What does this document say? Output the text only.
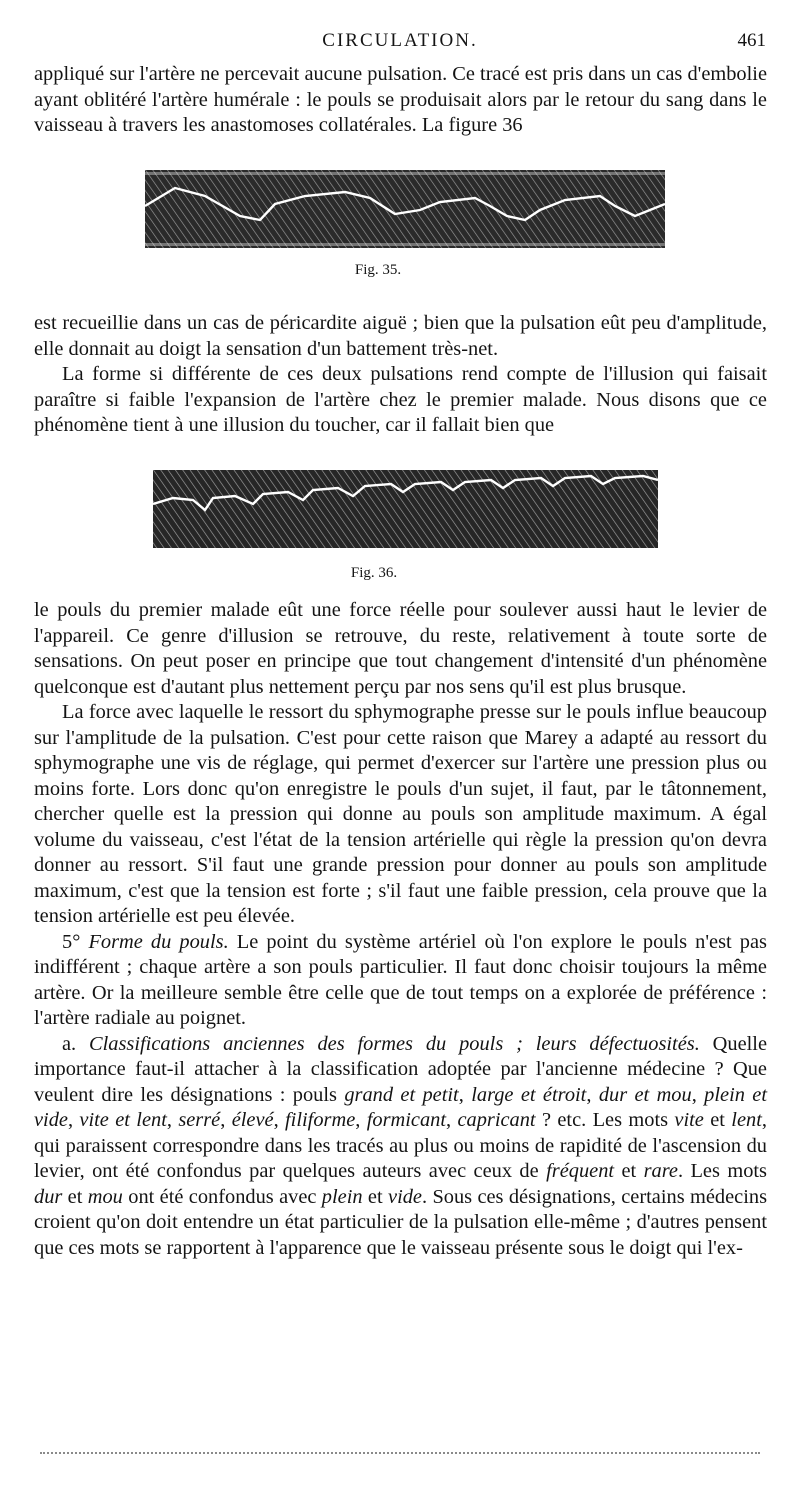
CIRCULATION.	461

appliqué sur l'artère ne percevait aucune pulsation. Ce tracé est pris dans un cas d'embolie ayant oblitéré l'artère humérale : le pouls se produisait alors par le retour du sang dans le vaisseau à travers les anastomoses collatérales. La figure 36

Fig. 35.

est recueillie dans un cas de péricardite aiguë ; bien que la pulsation eût peu d'amplitude, elle donnait au doigt la sensation d'un battement très-net.

La forme si différente de ces deux pulsations rend compte de l'illusion qui faisait paraître si faible l'expansion de l'artère chez le premier malade. Nous disons que ce phénomène tient à une illusion du toucher, car il fallait bien que

Fig. 36.

le pouls du premier malade eût une force réelle pour soulever aussi haut le levier de l'appareil. Ce genre d'illusion se retrouve, du reste, relativement à toute sorte de sensations. On peut poser en principe que tout changement d'intensité d'un phénomène quelconque est d'autant plus nettement perçu par nos sens qu'il est plus brusque.

La force avec laquelle le ressort du sphymographe presse sur le pouls influe beaucoup sur l'amplitude de la pulsation. C'est pour cette raison que Marey a adapté au ressort du sphymographe une vis de réglage, qui permet d'exercer sur l'artère une pression plus ou moins forte. Lors donc qu'on enregistre le pouls d'un sujet, il faut, par le tâtonnement, chercher quelle est la pression qui donne au pouls son amplitude maximum. A égal volume du vaisseau, c'est l'état de la tension artérielle qui règle la pression qu'on devra donner au ressort. S'il faut une grande pression pour donner au pouls son amplitude maximum, c'est que la tension est forte ; s'il faut une faible pression, cela prouve que la tension artérielle est peu élevée.

5° Forme du pouls. Le point du système artériel où l'on explore le pouls n'est pas indifférent ; chaque artère a son pouls particulier. Il faut donc choisir toujours la même artère. Or la meilleure semble être celle que de tout temps on a explorée de préférence : l'artère radiale au poignet.

a. Classifications anciennes des formes du pouls ; leurs défectuosités. Quelle importance faut-il attacher à la classification adoptée par l'ancienne médecine ? Que veulent dire les désignations : pouls grand et petit, large et étroit, dur et mou, plein et vide, vite et lent, serré, élevé, filiforme, formicant, capricant ? etc. Les mots vite et lent, qui paraissent correspondre dans les tracés au plus ou moins de rapidité de l'ascension du levier, ont été confondus par quelques auteurs avec ceux de fréquent et rare. Les mots dur et mou ont été confondus avec plein et vide. Sous ces désignations, certains médecins croient qu'on doit entendre un état particulier de la pulsation elle-même ; d'autres pensent que ces mots se rapportent à l'apparence que le vaisseau présente sous le doigt qui l'ex-
